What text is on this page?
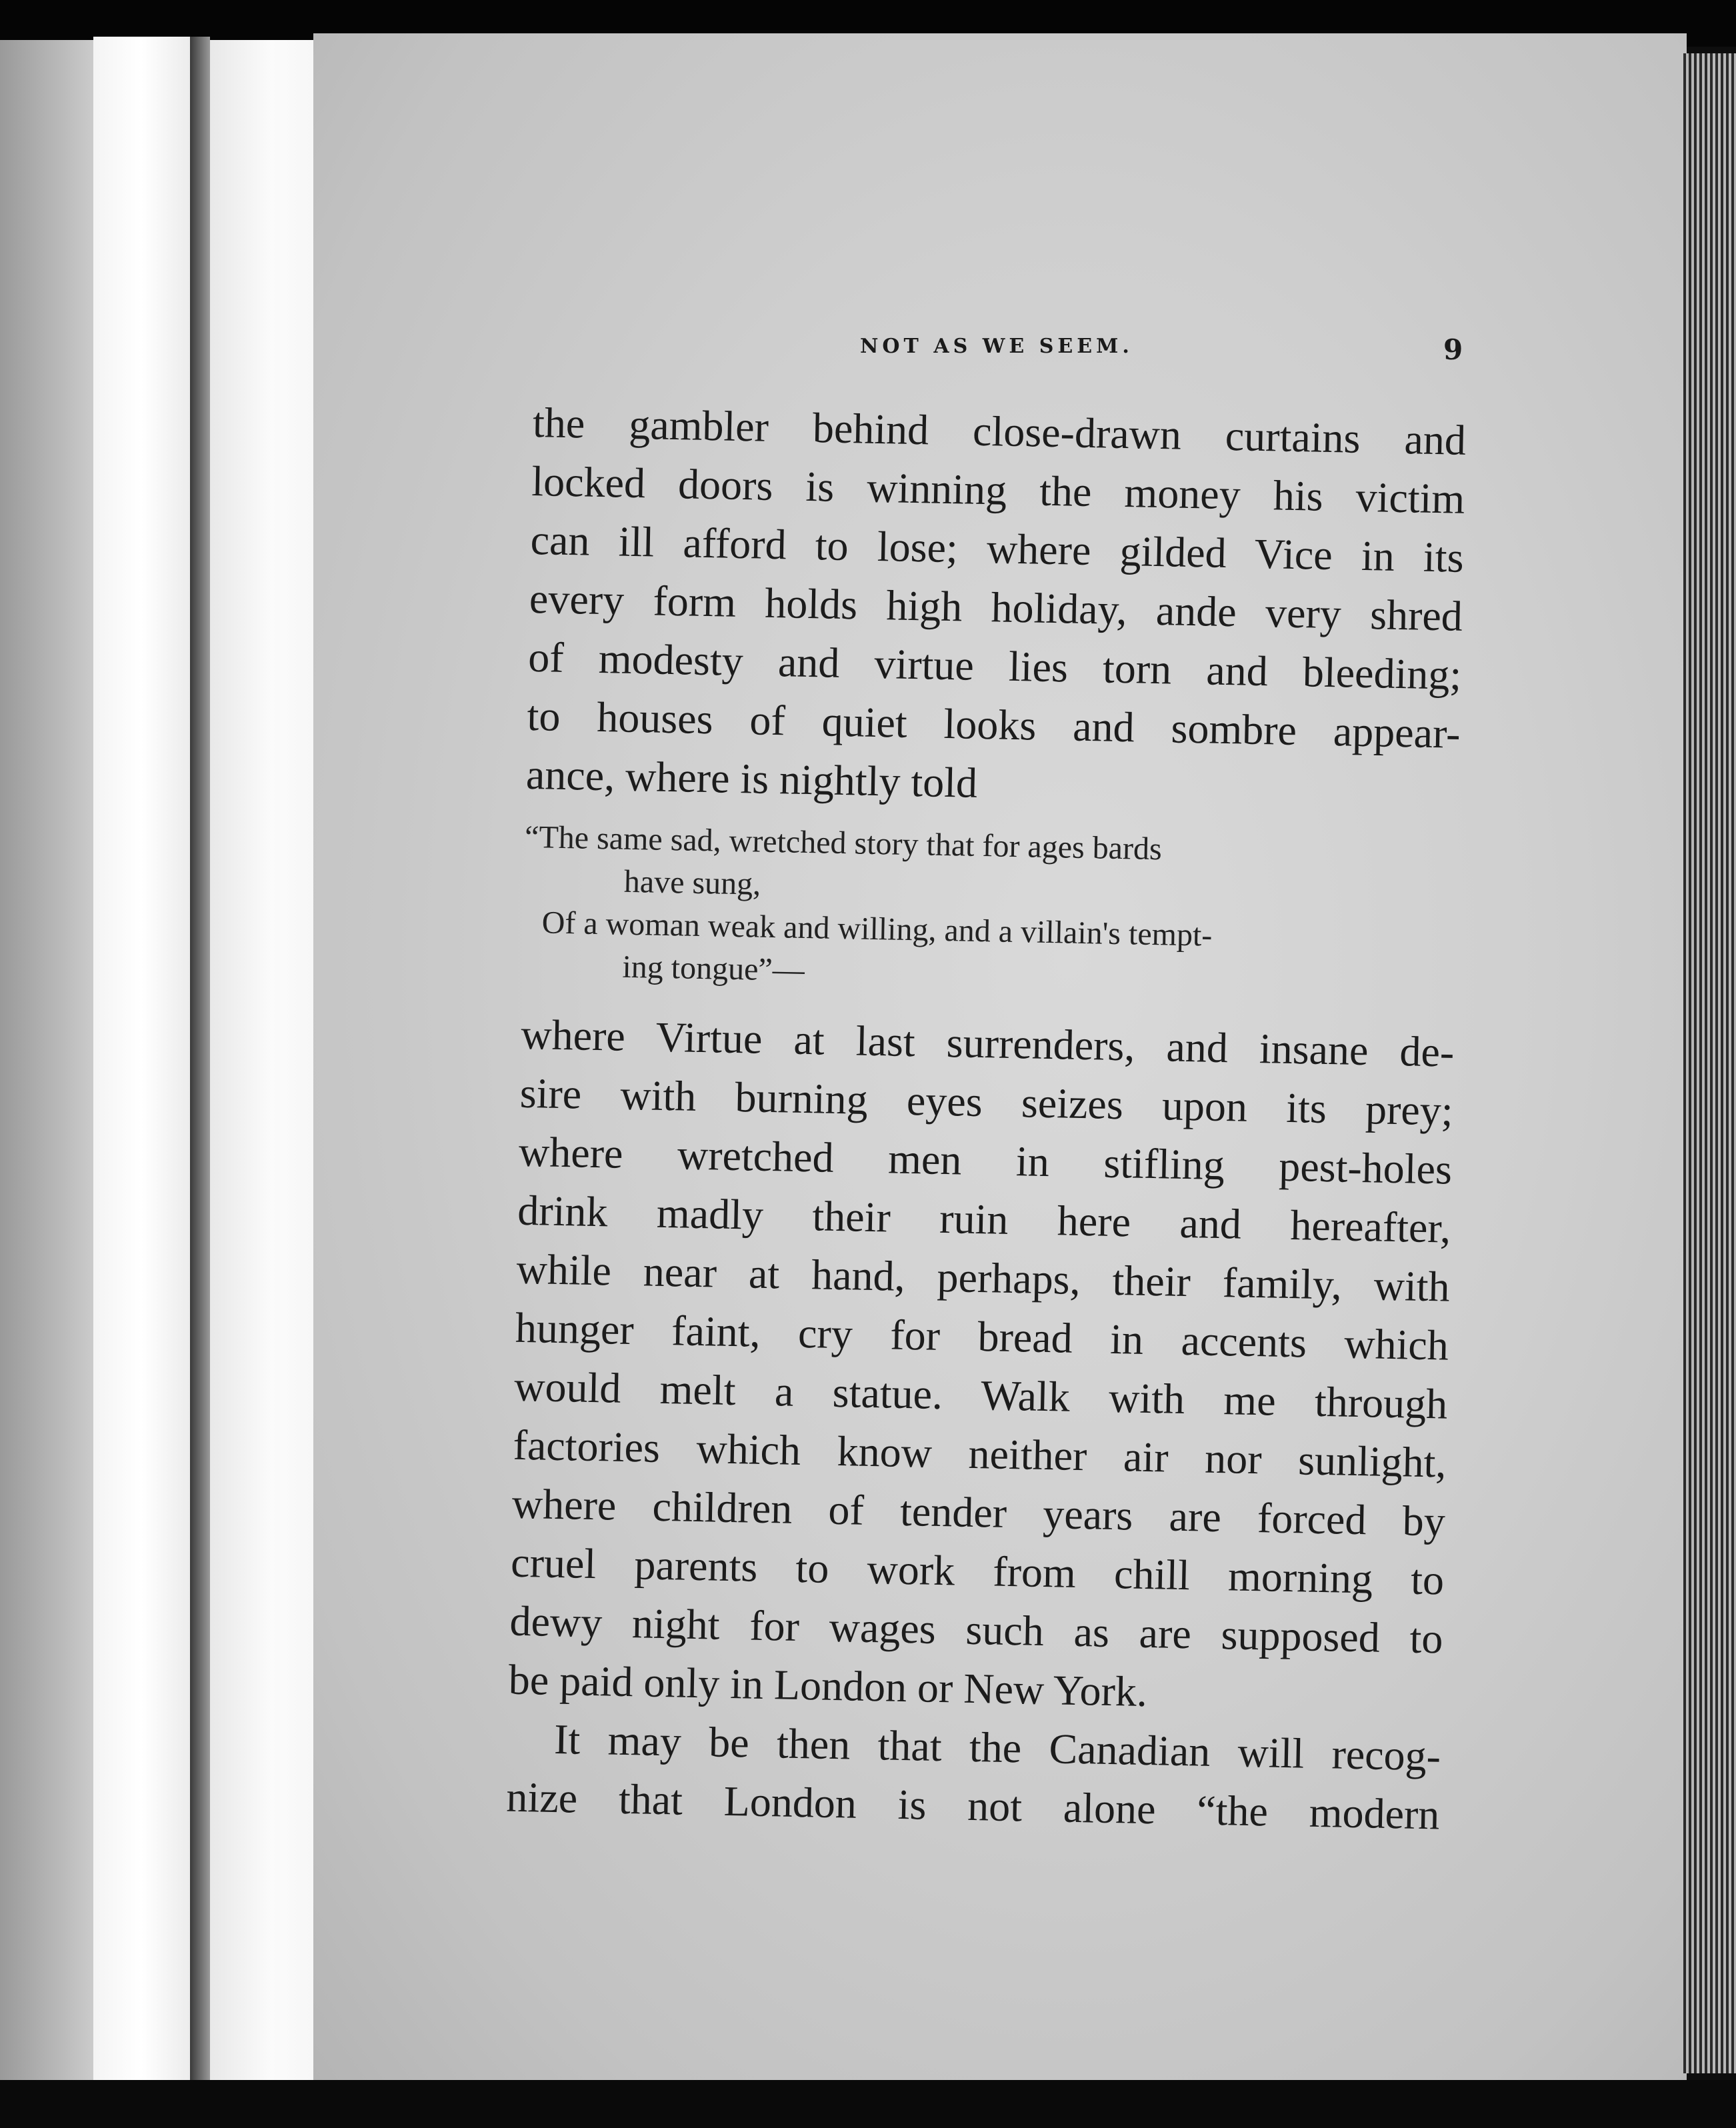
NOT AS WE SEEM.	9
the gambler behind close-drawn curtains and
locked doors is winning the money his victim
can ill afford to lose; where gilded Vice in its
every form holds high holiday, ande very shred
of modesty and virtue lies torn and bleeding;
to houses of quiet looks and sombre appear-
ance, where is nightly told
“The same sad, wretched story that for ages bards
have sung,
Of a woman weak and willing, and a villain's tempt-
ing tongue”—
where Virtue at last surrenders, and insane de-
sire with burning eyes seizes upon its prey;
where wretched men in stifling pest-holes
drink madly their ruin here and hereafter,
while near at hand, perhaps, their family, with
hunger faint, cry for bread in accents which
would melt a statue. Walk with me through
factories which know neither air nor sunlight,
where children of tender years are forced by
cruel parents to work from chill morning to
dewy night for wages such as are supposed to
be paid only in London or New York.
It may be then that the Canadian will recog-
nize that London is not alone “the modern
